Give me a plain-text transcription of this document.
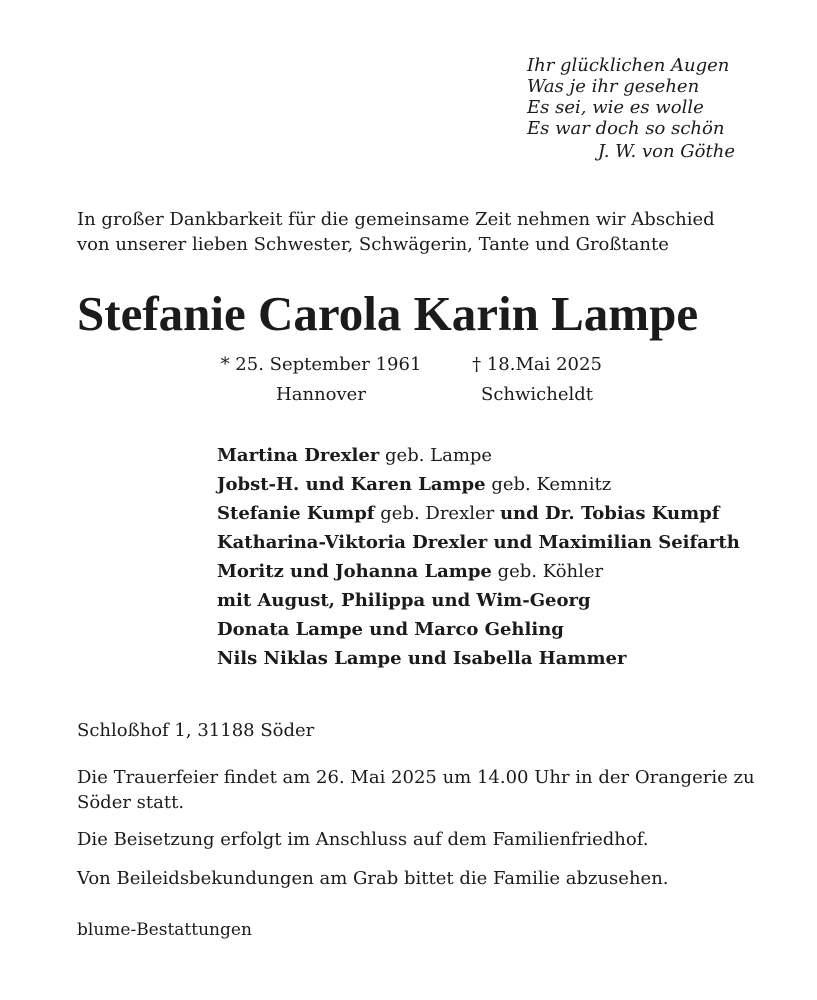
Ihr glücklichen Augen
Was je ihr gesehen
Es sei, wie es wolle
Es war doch so schön
J. W. von Göthe

In großer Dankbarkeit für die gemeinsame Zeit nehmen wir Abschied von unserer lieben Schwester, Schwägerin, Tante und Großtante

Stefanie Carola Karin Lampe
* 25. September 1961
Hannover
† 18.Mai 2025
Schwicheldt
Martina Drexler geb. Lampe
Jobst-H. und Karen Lampe geb. Kemnitz
Stefanie Kumpf geb. Drexler und Dr. Tobias Kumpf
Katharina-Viktoria Drexler und Maximilian Seifarth
Moritz und Johanna Lampe geb. Köhler
mit August, Philippa und Wim-Georg
Donata Lampe und Marco Gehling
Nils Niklas Lampe und Isabella Hammer

Schloßhof 1, 31188 Söder

Die Trauerfeier findet am 26. Mai 2025 um 14.00 Uhr in der Orangerie zu Söder statt.

Die Beisetzung erfolgt im Anschluss auf dem Familienfriedhof.

Von Beileidsbekundungen am Grab bittet die Familie abzusehen.

blume-Bestattungen
